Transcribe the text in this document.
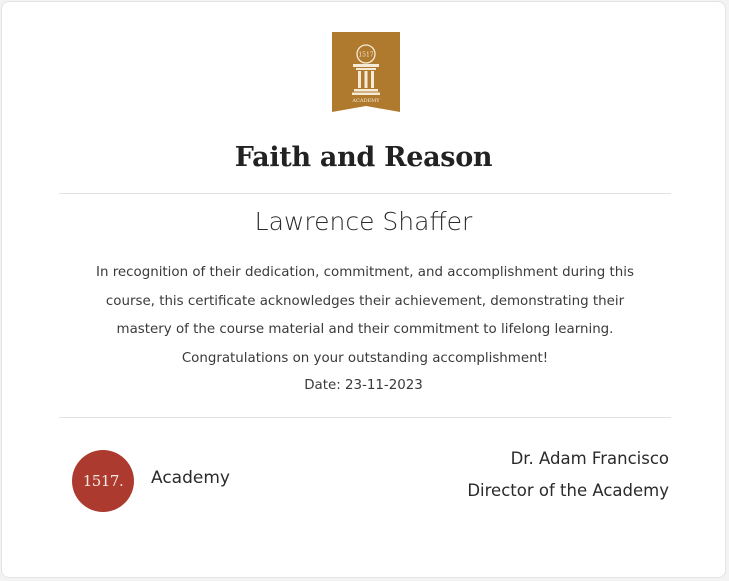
1517
ACADEMY
Faith and Reason
Lawrence Shaffer
In recognition of their dedication, commitment, and accomplishment during this
course, this certificate acknowledges their achievement, demonstrating their
mastery of the course material and their commitment to lifelong learning.
Congratulations on your outstanding accomplishment!
Date: 23-11-2023
1517. Academy
Dr. Adam Francisco
Director of the Academy
